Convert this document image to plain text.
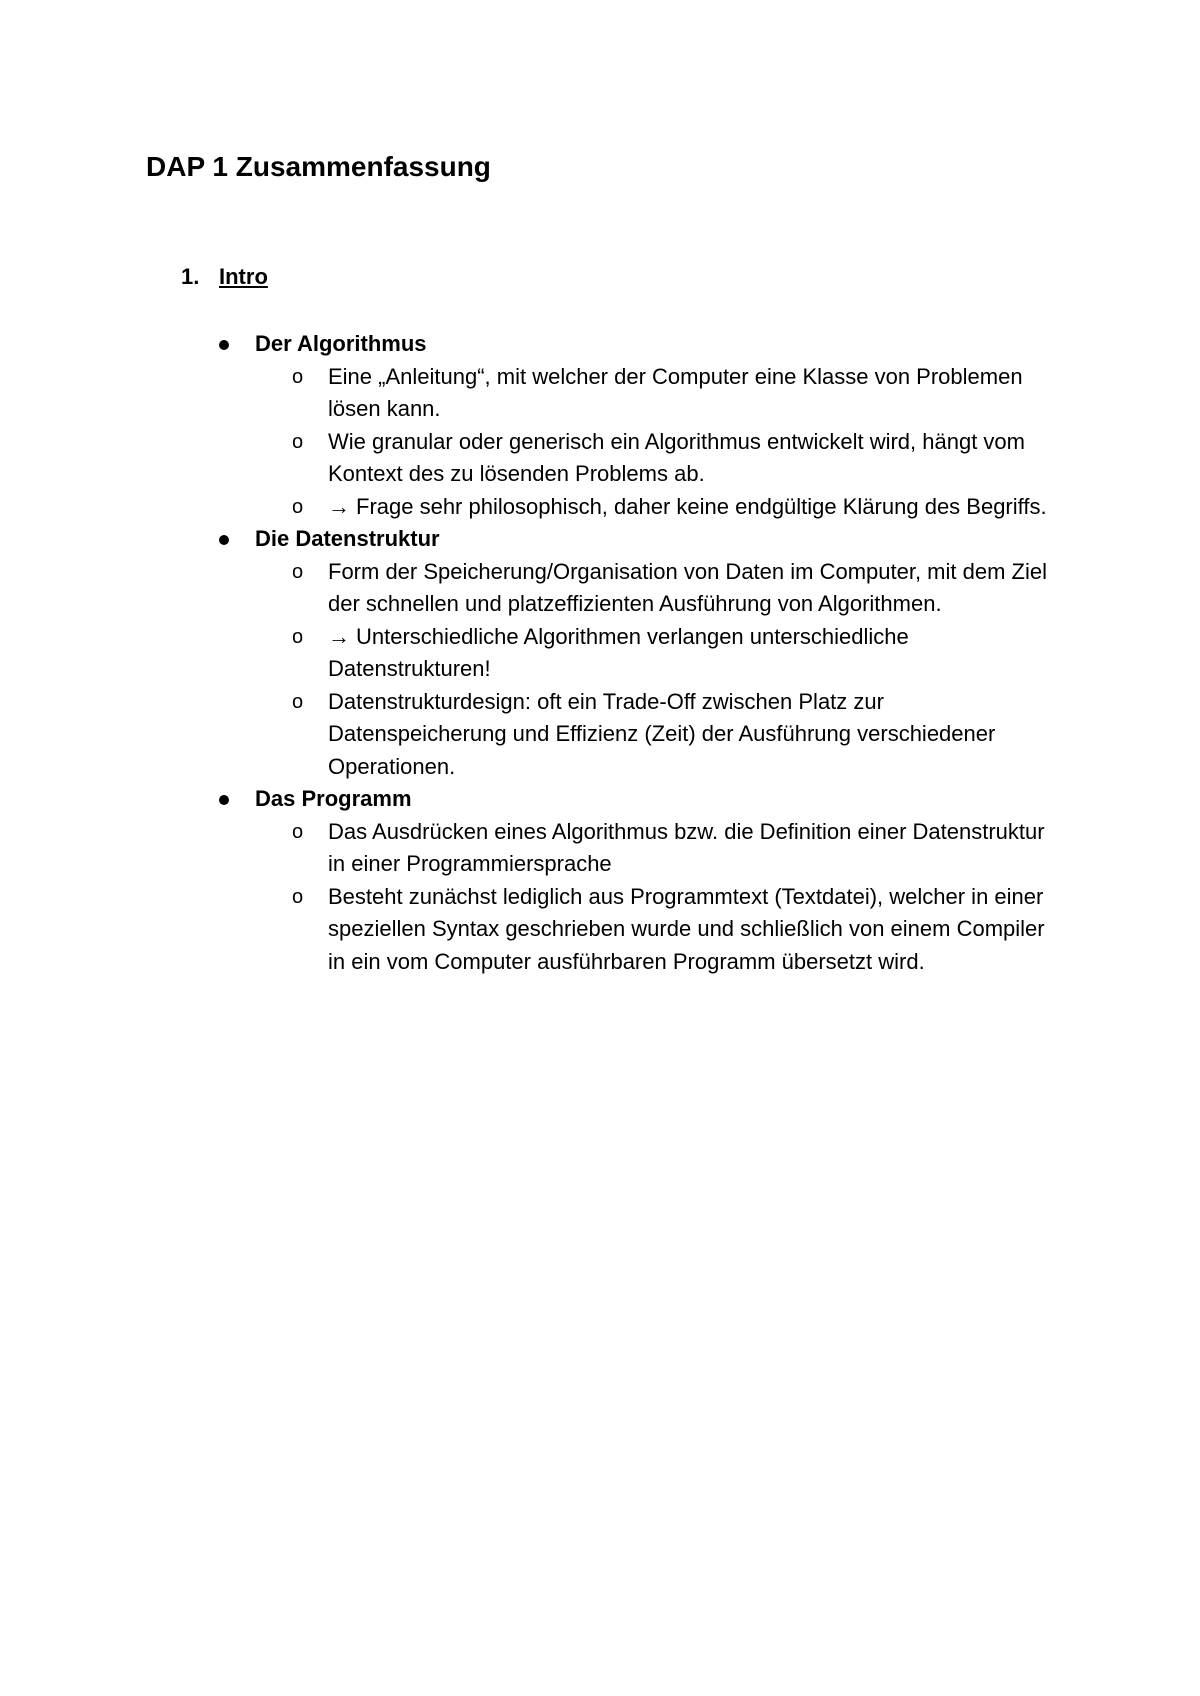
DAP 1 Zusammenfassung
1. Intro
Der Algorithmus
o Eine „Anleitung“, mit welcher der Computer eine Klasse von Problemen lösen kann.
o Wie granular oder generisch ein Algorithmus entwickelt wird, hängt vom Kontext des zu lösenden Problems ab.
o → Frage sehr philosophisch, daher keine endgültige Klärung des Begriffs.
Die Datenstruktur
o Form der Speicherung/Organisation von Daten im Computer, mit dem Ziel der schnellen und platzeffizienten Ausführung von Algorithmen.
o → Unterschiedliche Algorithmen verlangen unterschiedliche Datenstrukturen!
o Datenstrukturdesign: oft ein Trade-Off zwischen Platz zur Datenspeicherung und Effizienz (Zeit) der Ausführung verschiedener Operationen.
Das Programm
o Das Ausdrücken eines Algorithmus bzw. die Definition einer Datenstruktur in einer Programmiersprache
o Besteht zunächst lediglich aus Programmtext (Textdatei), welcher in einer speziellen Syntax geschrieben wurde und schließlich von einem Compiler in ein vom Computer ausführbaren Programm übersetzt wird.
